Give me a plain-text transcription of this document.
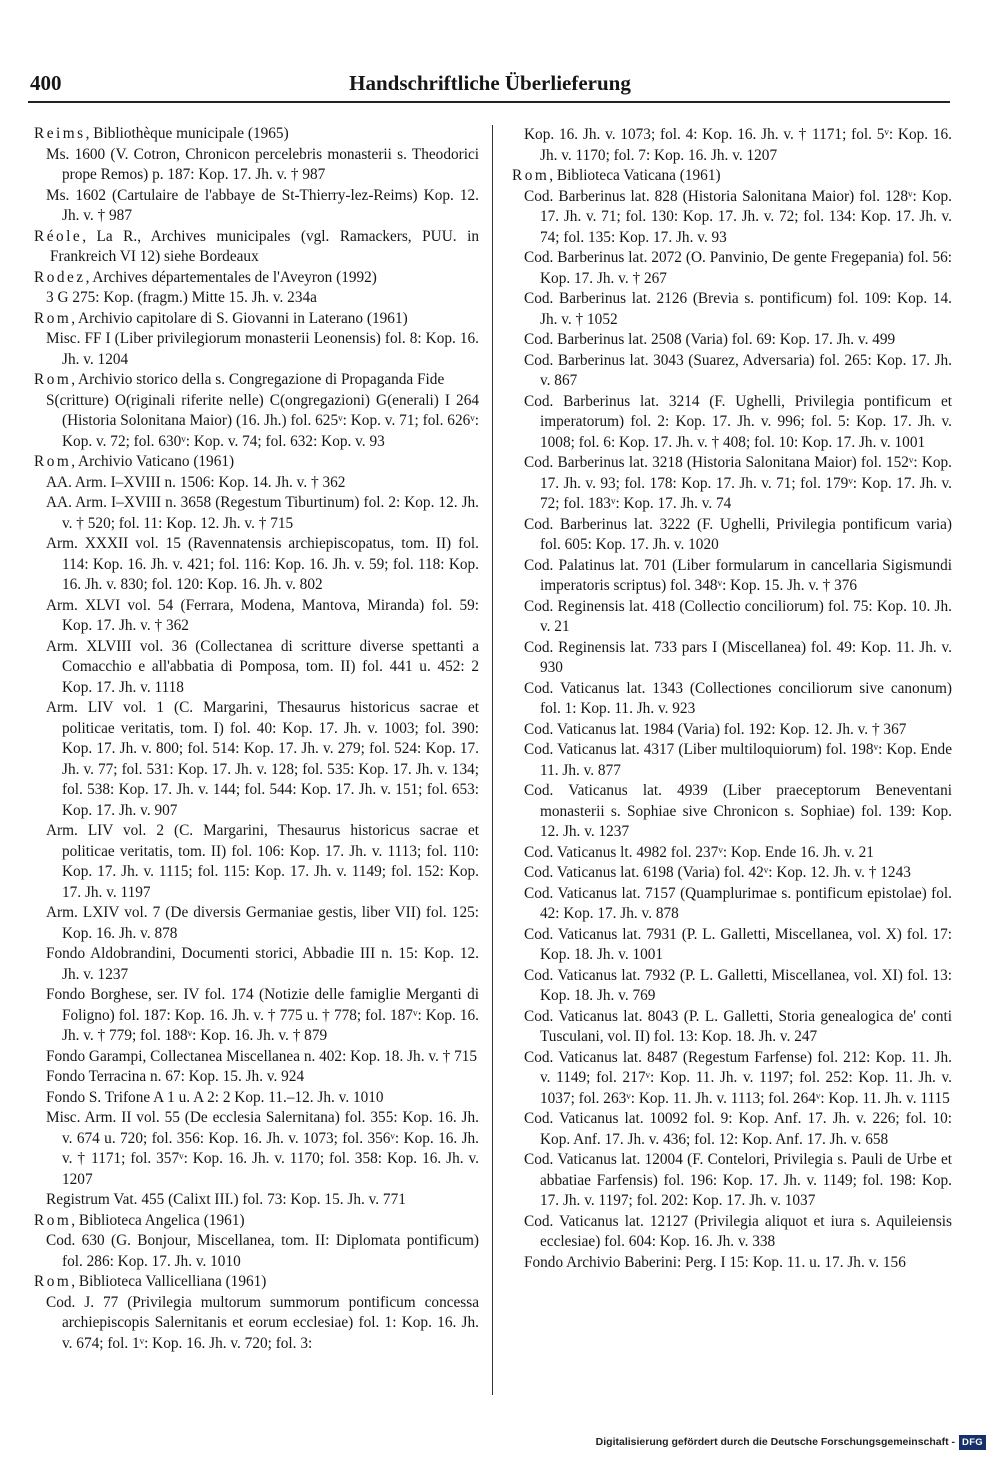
400	Handschriftliche Überlieferung

Reims, Bibliothèque municipale (1965)

Ms. 1600 (V. Cotron, Chronicon percelebris monasterii s. Theodorici prope Remos) p. 187: Kop. 17. Jh. v. † 987

Ms. 1602 (Cartulaire de l'abbaye de St-Thierry-lez-Reims) Kop. 12. Jh. v. † 987

Réole, La R., Archives municipales (vgl. Ramackers, PUU. in Frankreich VI 12) siehe Bordeaux

Rodez, Archives départementales de l'Aveyron (1992)

3 G 275: Kop. (fragm.) Mitte 15. Jh. v. 234a

Rom, Archivio capitolare di S. Giovanni in Laterano (1961)

Misc. FF I (Liber privilegiorum monasterii Leonensis) fol. 8: Kop. 16. Jh. v. 1204

Rom, Archivio storico della s. Congregazione di Propaganda Fide

S(critture) O(riginali riferite nelle) C(ongregazioni) G(enerali) I 264 (Historia Solonitana Maior) (16. Jh.) fol. 625ᵛ: Kop. v. 71; fol. 626ᵛ: Kop. v. 72; fol. 630ᵛ: Kop. v. 74; fol. 632: Kop. v. 93

Rom, Archivio Vaticano (1961)

AA. Arm. I–XVIII n. 1506: Kop. 14. Jh. v. † 362

AA. Arm. I–XVIII n. 3658 (Regestum Tiburtinum) fol. 2: Kop. 12. Jh. v. † 520; fol. 11: Kop. 12. Jh. v. † 715

Arm. XXXII vol. 15 (Ravennatensis archiepiscopatus, tom. II) fol. 114: Kop. 16. Jh. v. 421; fol. 116: Kop. 16. Jh. v. 59; fol. 118: Kop. 16. Jh. v. 830; fol. 120: Kop. 16. Jh. v. 802

Arm. XLVI vol. 54 (Ferrara, Modena, Mantova, Miranda) fol. 59: Kop. 17. Jh. v. † 362

Arm. XLVIII vol. 36 (Collectanea di scritture diverse spettanti a Comacchio e all'abbatia di Pomposa, tom. II) fol. 441 u. 452: 2 Kop. 17. Jh. v. 1118

Arm. LIV vol. 1 (C. Margarini, Thesaurus historicus sacrae et politicae veritatis, tom. I) fol. 40: Kop. 17. Jh. v. 1003; fol. 390: Kop. 17. Jh. v. 800; fol. 514: Kop. 17. Jh. v. 279; fol. 524: Kop. 17. Jh. v. 77; fol. 531: Kop. 17. Jh. v. 128; fol. 535: Kop. 17. Jh. v. 134; fol. 538: Kop. 17. Jh. v. 144; fol. 544: Kop. 17. Jh. v. 151; fol. 653: Kop. 17. Jh. v. 907

Arm. LIV vol. 2 (C. Margarini, Thesaurus historicus sacrae et politicae veritatis, tom. II) fol. 106: Kop. 17. Jh. v. 1113; fol. 110: Kop. 17. Jh. v. 1115; fol. 115: Kop. 17. Jh. v. 1149; fol. 152: Kop. 17. Jh. v. 1197

Arm. LXIV vol. 7 (De diversis Germaniae gestis, liber VII) fol. 125: Kop. 16. Jh. v. 878

Fondo Aldobrandini, Documenti storici, Abbadie III n. 15: Kop. 12. Jh. v. 1237

Fondo Borghese, ser. IV fol. 174 (Notizie delle famiglie Merganti di Foligno) fol. 187: Kop. 16. Jh. v. † 775 u. † 778; fol. 187ᵛ: Kop. 16. Jh. v. † 779; fol. 188ᵛ: Kop. 16. Jh. v. † 879

Fondo Garampi, Collectanea Miscellanea n. 402: Kop. 18. Jh. v. † 715

Fondo Terracina n. 67: Kop. 15. Jh. v. 924

Fondo S. Trifone A 1 u. A 2: 2 Kop. 11.–12. Jh. v. 1010

Misc. Arm. II vol. 55 (De ecclesia Salernitana) fol. 355: Kop. 16. Jh. v. 674 u. 720; fol. 356: Kop. 16. Jh. v. 1073; fol. 356ᵛ: Kop. 16. Jh. v. † 1171; fol. 357ᵛ: Kop. 16. Jh. v. 1170; fol. 358: Kop. 16. Jh. v. 1207

Registrum Vat. 455 (Calixt III.) fol. 73: Kop. 15. Jh. v. 771

Rom, Biblioteca Angelica (1961)

Cod. 630 (G. Bonjour, Miscellanea, tom. II: Diplomata pontificum) fol. 286: Kop. 17. Jh. v. 1010

Rom, Biblioteca Vallicelliana (1961)

Cod. J. 77 (Privilegia multorum summorum pontificum concessa archiepiscopis Salernitanis et eorum ecclesiae) fol. 1: Kop. 16. Jh. v. 674; fol. 1ᵛ: Kop. 16. Jh. v. 720; fol. 3:

Kop. 16. Jh. v. 1073; fol. 4: Kop. 16. Jh. v. † 1171; fol. 5ᵛ: Kop. 16. Jh. v. 1170; fol. 7: Kop. 16. Jh. v. 1207

Rom, Biblioteca Vaticana (1961)

Cod. Barberinus lat. 828 (Historia Salonitana Maior) fol. 128ᵛ: Kop. 17. Jh. v. 71; fol. 130: Kop. 17. Jh. v. 72; fol. 134: Kop. 17. Jh. v. 74; fol. 135: Kop. 17. Jh. v. 93

Cod. Barberinus lat. 2072 (O. Panvinio, De gente Fregepania) fol. 56: Kop. 17. Jh. v. † 267

Cod. Barberinus lat. 2126 (Brevia s. pontificum) fol. 109: Kop. 14. Jh. v. † 1052

Cod. Barberinus lat. 2508 (Varia) fol. 69: Kop. 17. Jh. v. 499

Cod. Barberinus lat. 3043 (Suarez, Adversaria) fol. 265: Kop. 17. Jh. v. 867

Cod. Barberinus lat. 3214 (F. Ughelli, Privilegia pontificum et imperatorum) fol. 2: Kop. 17. Jh. v. 996; fol. 5: Kop. 17. Jh. v. 1008; fol. 6: Kop. 17. Jh. v. † 408; fol. 10: Kop. 17. Jh. v. 1001

Cod. Barberinus lat. 3218 (Historia Salonitana Maior) fol. 152ᵛ: Kop. 17. Jh. v. 93; fol. 178: Kop. 17. Jh. v. 71; fol. 179ᵛ: Kop. 17. Jh. v. 72; fol. 183ᵛ: Kop. 17. Jh. v. 74

Cod. Barberinus lat. 3222 (F. Ughelli, Privilegia pontificum varia) fol. 605: Kop. 17. Jh. v. 1020

Cod. Palatinus lat. 701 (Liber formularum in cancellaria Sigismundi imperatoris scriptus) fol. 348ᵛ: Kop. 15. Jh. v. † 376

Cod. Reginensis lat. 418 (Collectio conciliorum) fol. 75: Kop. 10. Jh. v. 21

Cod. Reginensis lat. 733 pars I (Miscellanea) fol. 49: Kop. 11. Jh. v. 930

Cod. Vaticanus lat. 1343 (Collectiones conciliorum sive canonum) fol. 1: Kop. 11. Jh. v. 923

Cod. Vaticanus lat. 1984 (Varia) fol. 192: Kop. 12. Jh. v. † 367

Cod. Vaticanus lat. 4317 (Liber multiloquiorum) fol. 198ᵛ: Kop. Ende 11. Jh. v. 877

Cod. Vaticanus lat. 4939 (Liber praeceptorum Beneventani monasterii s. Sophiae sive Chronicon s. Sophiae) fol. 139: Kop. 12. Jh. v. 1237

Cod. Vaticanus lt. 4982 fol. 237ᵛ: Kop. Ende 16. Jh. v. 21

Cod. Vaticanus lat. 6198 (Varia) fol. 42ᵛ: Kop. 12. Jh. v. † 1243

Cod. Vaticanus lat. 7157 (Quamplurimae s. pontificum epistolae) fol. 42: Kop. 17. Jh. v. 878

Cod. Vaticanus lat. 7931 (P. L. Galletti, Miscellanea, vol. X) fol. 17: Kop. 18. Jh. v. 1001

Cod. Vaticanus lat. 7932 (P. L. Galletti, Miscellanea, vol. XI) fol. 13: Kop. 18. Jh. v. 769

Cod. Vaticanus lat. 8043 (P. L. Galletti, Storia genealogica de' conti Tusculani, vol. II) fol. 13: Kop. 18. Jh. v. 247

Cod. Vaticanus lat. 8487 (Regestum Farfense) fol. 212: Kop. 11. Jh. v. 1149; fol. 217ᵛ: Kop. 11. Jh. v. 1197; fol. 252: Kop. 11. Jh. v. 1037; fol. 263ᵛ: Kop. 11. Jh. v. 1113; fol. 264ᵛ: Kop. 11. Jh. v. 1115

Cod. Vaticanus lat. 10092 fol. 9: Kop. Anf. 17. Jh. v. 226; fol. 10: Kop. Anf. 17. Jh. v. 436; fol. 12: Kop. Anf. 17. Jh. v. 658

Cod. Vaticanus lat. 12004 (F. Contelori, Privilegia s. Pauli de Urbe et abbatiae Farfensis) fol. 196: Kop. 17. Jh. v. 1149; fol. 198: Kop. 17. Jh. v. 1197; fol. 202: Kop. 17. Jh. v. 1037

Cod. Vaticanus lat. 12127 (Privilegia aliquot et iura s. Aquileiensis ecclesiae) fol. 604: Kop. 16. Jh. v. 338

Fondo Archivio Baberini: Perg. I 15: Kop. 11. u. 17. Jh. v. 156

Digitalisierung gefördert durch die Deutsche Forschungsgemeinschaft - DFG
